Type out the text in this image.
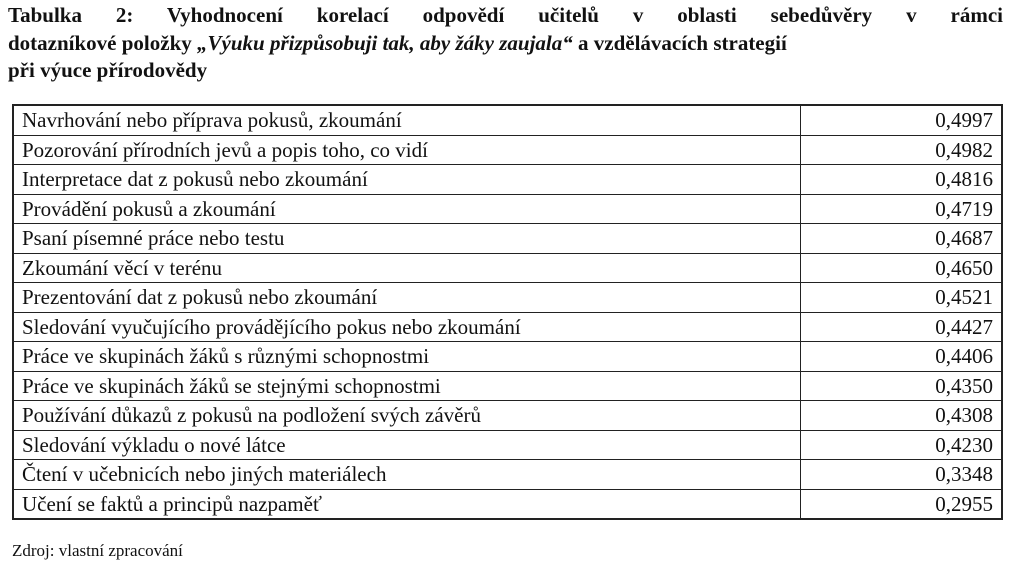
Tabulka 2: Vyhodnocení korelací odpovědí učitelů v oblasti sebedůvěry v rámci
dotazníkové položky „Výuku přizpůsobuji tak, aby žáky zaujala“ a vzdělávacích strategií
při výuce přírodovědy
Navrhování nebo příprava pokusů, zkoumání	0,4997
Pozorování přírodních jevů a popis toho, co vidí	0,4982
Interpretace dat z pokusů nebo zkoumání	0,4816
Provádění pokusů a zkoumání	0,4719
Psaní písemné práce nebo testu	0,4687
Zkoumání věcí v terénu	0,4650
Prezentování dat z pokusů nebo zkoumání	0,4521
Sledování vyučujícího provádějícího pokus nebo zkoumání	0,4427
Práce ve skupinách žáků s různými schopnostmi	0,4406
Práce ve skupinách žáků se stejnými schopnostmi	0,4350
Používání důkazů z pokusů na podložení svých závěrů	0,4308
Sledování výkladu o nové látce	0,4230
Čtení v učebnicích nebo jiných materiálech	0,3348
Učení se faktů a principů nazpaměť	0,2955
Zdroj: vlastní zpracování
